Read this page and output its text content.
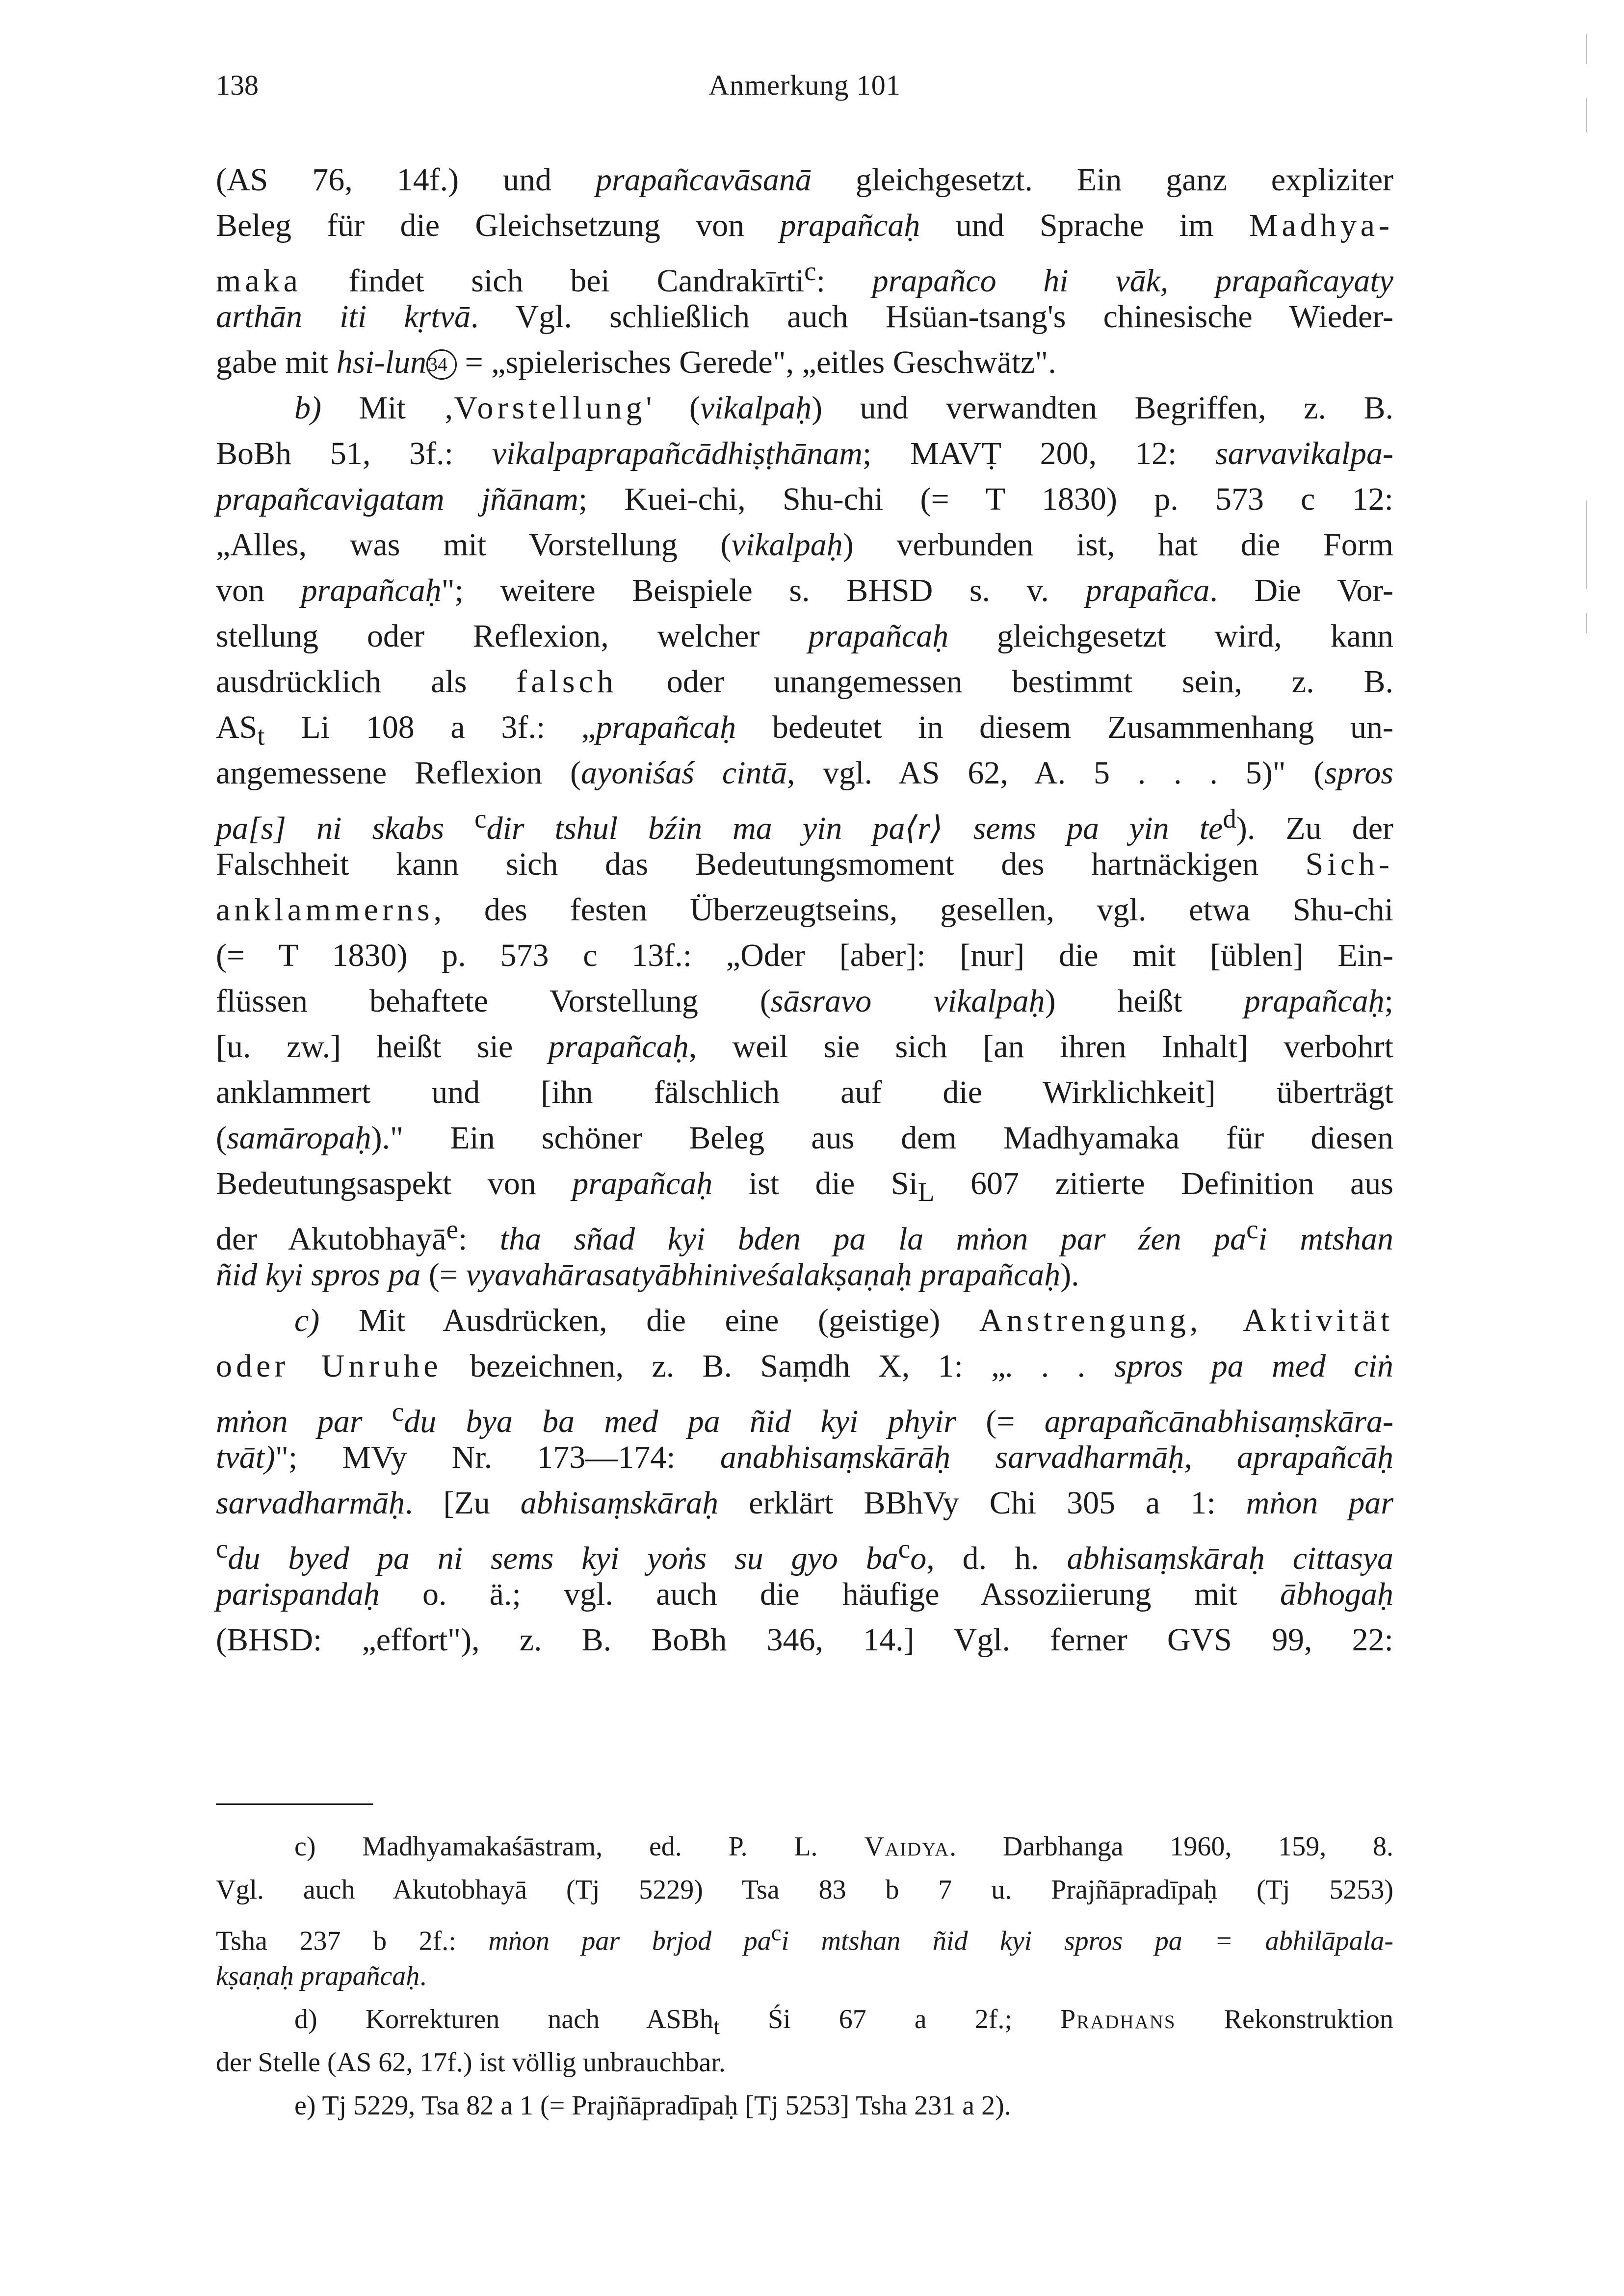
138	Anmerkung 101
(AS 76, 14f.) und prapañcavāsanā gleichgesetzt. Ein ganz expliziter
Beleg für die Gleichsetzung von prapañcaḥ und Sprache im Madhya-
maka findet sich bei Candrakīrti$^c$: prapañco hi vāk, prapañcayaty
arthān iti kṛtvā. Vgl. schließlich auch Hsüan-tsang's chinesische Wieder-
gabe mit hsi-lun34 = „spielerisches Gerede", „eitles Geschwätz".
b) Mit ‚Vorstellung' (vikalpaḥ) und verwandten Begriffen, z. B.
BoBh 51, 3f.: vikalpaprapañcādhiṣṭhānam; MAVṬ 200, 12: sarvavikalpa-
prapañcavigatam jñānam; Kuei-chi, Shu-chi (= T 1830) p. 573 c 12:
„Alles, was mit Vorstellung (vikalpaḥ) verbunden ist, hat die Form
von prapañcaḥ"; weitere Beispiele s. BHSD s. v. prapañca. Die Vor-
stellung oder Reflexion, welcher prapañcaḥ gleichgesetzt wird, kann
ausdrücklich als falsch oder unangemessen bestimmt sein, z. B.
$AS_t$ Li 108 a 3f.: „prapañcaḥ bedeutet in diesem Zusammenhang un-
angemessene Reflexion (ayoniśaś cintā, vgl. AS 62, A. 5 . . . 5)" (spros
pa[s] ni skabs $^c$dir tshul bźin ma yin pa⟨r⟩ sems pa yin $te^d$). Zu der
Falschheit kann sich das Bedeutungsmoment des hartnäckigen Sich-
anklammerns, des festen Überzeugtseins, gesellen, vgl. etwa Shu-chi
(= T 1830) p. 573 c 13f.: „Oder [aber]: [nur] die mit [üblen] Ein-
flüssen behaftete Vorstellung (sāsravo vikalpaḥ) heißt prapañcaḥ;
[u. zw.] heißt sie prapañcaḥ, weil sie sich [an ihren Inhalt] verbohrt
anklammert und [ihn fälschlich auf die Wirklichkeit] überträgt
(samāropaḥ)." Ein schöner Beleg aus dem Madhyamaka für diesen
Bedeutungsaspekt von prapañcaḥ ist die $Si_L$ 607 zitierte Definition aus
der Akutobhayā$^e$: tha sñad kyi bden pa la mṅon par źen $pa^ci$ mtshan
ñid kyi spros pa (= vyavahārasatyābhiniveśalakṣaṇaḥ prapañcaḥ).
c) Mit Ausdrücken, die eine (geistige) Anstrengung, Aktivität
oder Unruhe bezeichnen, z. B. Saṃdh X, 1: „. . . spros pa med ciṅ
mṅon par $^c$du bya ba med pa ñid kyi phyir (= aprapañcānabhisaṃskāra-
tvāt)"; MVy Nr. 173—174: anabhisaṃskārāḥ sarvadharmāḥ, aprapañcāḥ
sarvadharmāḥ. [Zu abhisaṃskāraḥ erklärt BBhVy Chi 305 a 1: mṅon par
$^c$du byed pa ni sems kyi yoṅs su gyo $ba^co$, d. h. abhisaṃskāraḥ cittasya
parispandaḥ o. ä.; vgl. auch die häufige Assoziierung mit ābhogaḥ
(BHSD: „effort"), z. B. BoBh 346, 14.] Vgl. ferner GVS 99, 22:
c) Madhyamakaśāstram, ed. P. L. Vaidya. Darbhanga 1960, 159, 8.
Vgl. auch Akutobhayā (Tj 5229) Tsa 83 b 7 u. Prajñāpradīpaḥ (Tj 5253)
Tsha 237 b 2f.: mṅon par brjod $pa^ci$ mtshan ñid kyi spros pa = abhilāpala-
kṣaṇaḥ prapañcaḥ.
d) Korrekturen nach ASBh$_t$ Śi 67 a 2f.; Pradhans Rekonstruktion
der Stelle (AS 62, 17f.) ist völlig unbrauchbar.
e) Tj 5229, Tsa 82 a 1 (= Prajñāpradīpaḥ [Tj 5253] Tsha 231 a 2).
